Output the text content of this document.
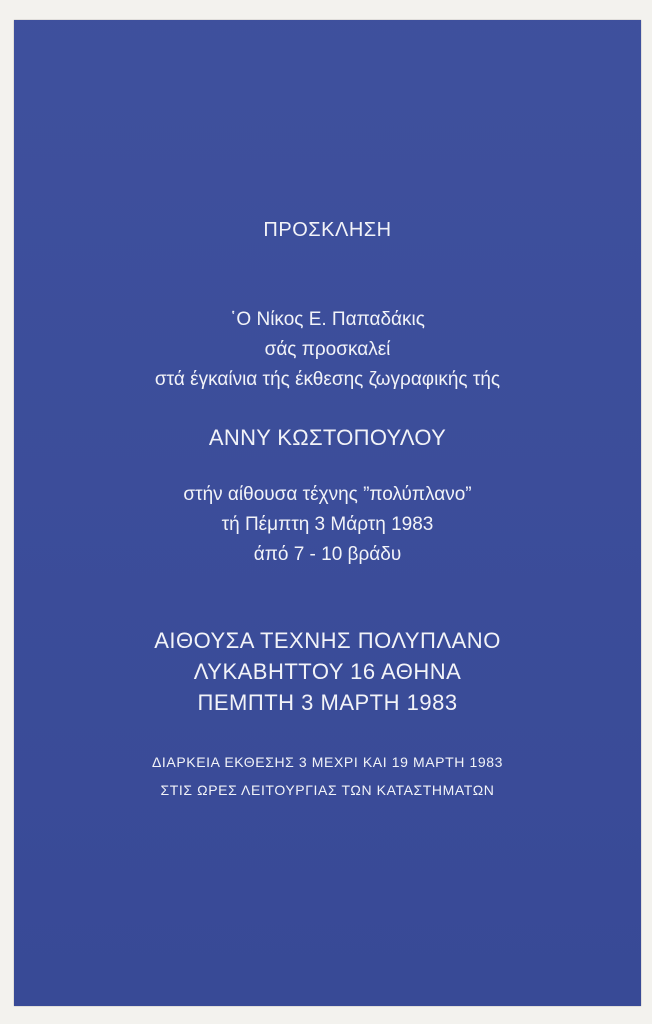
ΠΡΟΣΚΛΗΣΗ
῾Ο Νίκος Ε. Παπαδάκις
σάς προσκαλεί
στά έγκαίνια τής έκθεσης ζωγραφικής τής
ΑΝΝΥ ΚΩΣΤΟΠΟΥΛΟΥ
στήν αίθουσα τέχνης ”πολύπλανο”
τή Πέμπτη 3 Μάρτη 1983
άπό 7 - 10 βράδυ
ΑΙΘΟΥΣΑ ΤΕΧΝΗΣ ΠΟΛΥΠΛΑΝΟ
ΛΥΚΑΒΗΤΤΟΥ 16 ΑΘΗΝΑ
ΠΕΜΠΤΗ 3 ΜΑΡΤΗ 1983
ΔΙΑΡΚΕΙΑ ΕΚΘΕΣΗΣ 3 ΜΕΧΡΙ ΚΑΙ 19 ΜΑΡΤΗ 1983
ΣΤΙΣ ΩΡΕΣ ΛΕΙΤΟΥΡΓΙΑΣ ΤΩΝ ΚΑΤΑΣΤΗΜΑΤΩΝ
